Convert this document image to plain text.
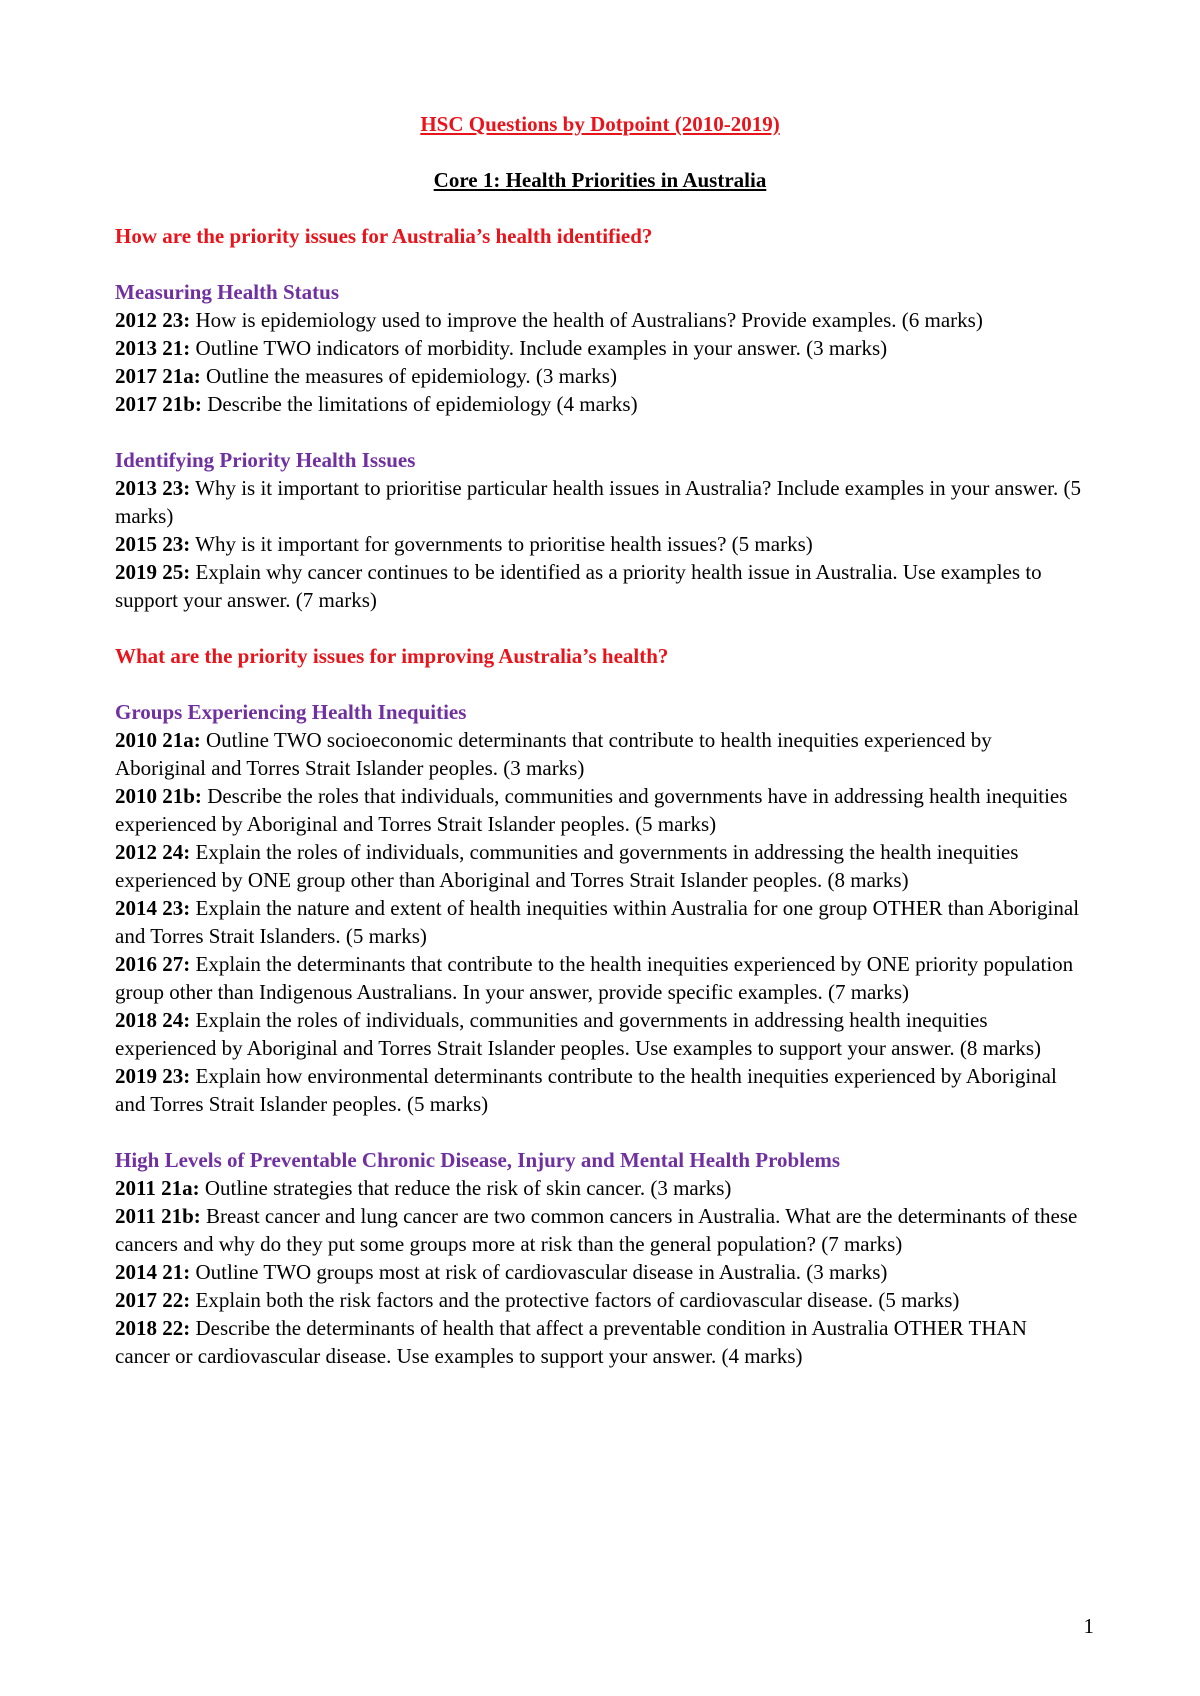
HSC Questions by Dotpoint (2010-2019)
Core 1: Health Priorities in Australia
How are the priority issues for Australia’s health identified?
Measuring Health Status

2012 23: How is epidemiology used to improve the health of Australians? Provide examples. (6 marks)

2013 21: Outline TWO indicators of morbidity. Include examples in your answer. (3 marks)

2017 21a: Outline the measures of epidemiology. (3 marks)

2017 21b: Describe the limitations of epidemiology (4 marks)

Identifying Priority Health Issues

2013 23: Why is it important to prioritise particular health issues in Australia? Include examples in your answer. (5 marks)

2015 23: Why is it important for governments to prioritise health issues? (5 marks)

2019 25: Explain why cancer continues to be identified as a priority health issue in Australia. Use examples to support your answer. (7 marks)

What are the priority issues for improving Australia’s health?
Groups Experiencing Health Inequities

2010 21a: Outline TWO socioeconomic determinants that contribute to health inequities experienced by Aboriginal and Torres Strait Islander peoples. (3 marks)

2010 21b: Describe the roles that individuals, communities and governments have in addressing health inequities experienced by Aboriginal and Torres Strait Islander peoples. (5 marks)

2012 24: Explain the roles of individuals, communities and governments in addressing the health inequities experienced by ONE group other than Aboriginal and Torres Strait Islander peoples. (8 marks)

2014 23: Explain the nature and extent of health inequities within Australia for one group OTHER than Aboriginal and Torres Strait Islanders. (5 marks)

2016 27: Explain the determinants that contribute to the health inequities experienced by ONE priority population group other than Indigenous Australians. In your answer, provide specific examples. (7 marks)

2018 24: Explain the roles of individuals, communities and governments in addressing health inequities experienced by Aboriginal and Torres Strait Islander peoples. Use examples to support your answer. (8 marks)

2019 23: Explain how environmental determinants contribute to the health inequities experienced by Aboriginal and Torres Strait Islander peoples. (5 marks)

High Levels of Preventable Chronic Disease, Injury and Mental Health Problems

2011 21a: Outline strategies that reduce the risk of skin cancer. (3 marks)

2011 21b: Breast cancer and lung cancer are two common cancers in Australia. What are the determinants of these cancers and why do they put some groups more at risk than the general population? (7 marks)

2014 21: Outline TWO groups most at risk of cardiovascular disease in Australia. (3 marks)

2017 22: Explain both the risk factors and the protective factors of cardiovascular disease. (5 marks)

2018 22: Describe the determinants of health that affect a preventable condition in Australia OTHER THAN cancer or cardiovascular disease. Use examples to support your answer. (4 marks)

1
